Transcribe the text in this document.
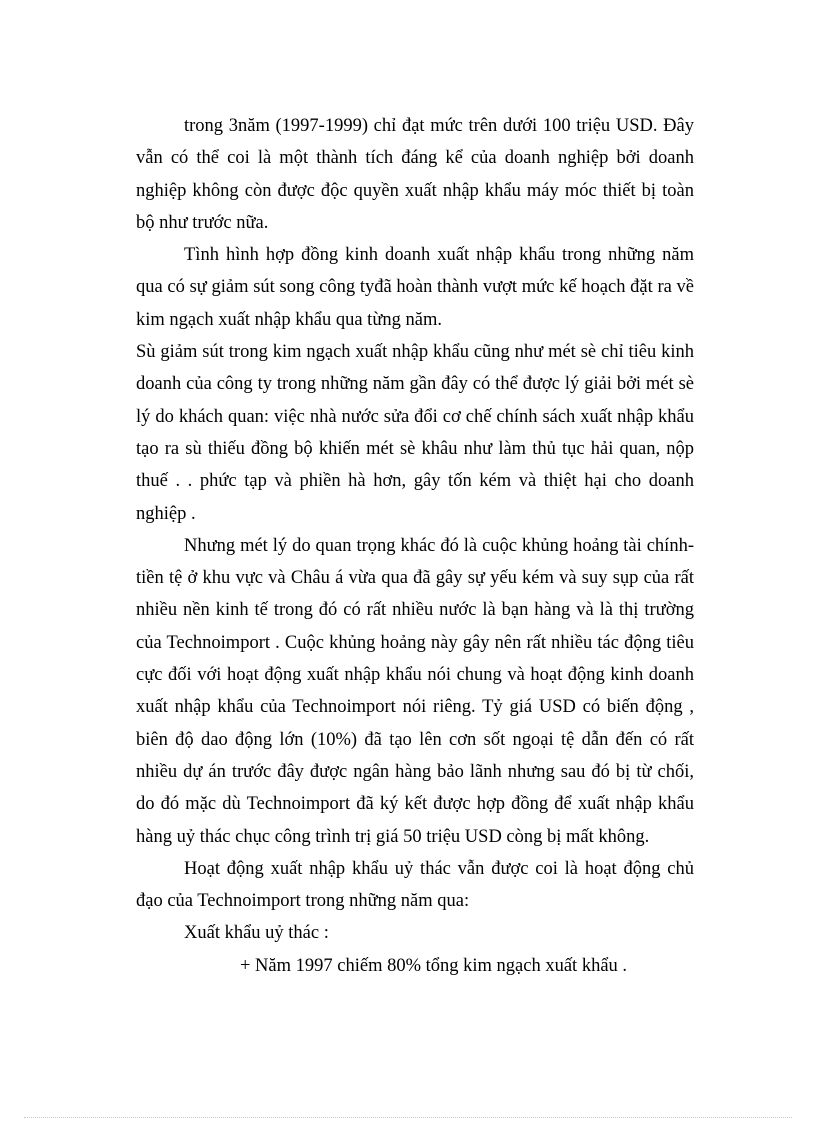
trong 3năm (1997-1999) chỉ đạt mức trên dưới 100 triệu USD. Đây vẫn có thể coi là một thành tích đáng kể của doanh nghiệp bởi doanh nghiệp không còn được độc quyền xuất nhập khẩu máy móc thiết bị toàn bộ như trước nữa.

Tình hình hợp đồng kinh doanh xuất nhập khẩu trong những năm qua có sự giảm sút song công tyđã hoàn thành vượt mức kế hoạch đặt ra về kim ngạch xuất nhập khẩu qua từng năm.

Sù giảm sút trong kim ngạch xuất nhập khẩu cũng như mét sè chỉ tiêu kinh doanh của công ty trong những năm gần đây có thể được lý giải bởi mét sè lý do khách quan: việc nhà nước sửa đổi cơ chế chính sách xuất nhập khẩu tạo ra sù thiếu đồng bộ khiến mét sè khâu như làm thủ tục hải quan, nộp thuế . . phức tạp và phiền hà hơn, gây tốn kém và thiệt hại cho doanh nghiệp .

Nhưng mét lý do quan trọng khác đó là cuộc khủng hoảng tài chính- tiền tệ ở khu vực và Châu á vừa qua đã gây sự yếu kém và suy sụp của rất nhiều nền kinh tế trong đó có rất nhiều nước là bạn hàng và là thị trường của Technoimport . Cuộc khủng hoảng này gây nên rất nhiều tác động tiêu cực đối với hoạt động xuất nhập khẩu nói chung và hoạt động kinh doanh xuất nhập khẩu của Technoimport nói riêng. Tỷ giá USD có biến động , biên độ dao động lớn (10%) đã tạo lên cơn sốt ngoại tệ dẫn đến có rất nhiều dự án trước đây được ngân hàng bảo lãnh nhưng sau đó bị từ chối, do đó mặc dù Technoimport đã ký kết được hợp đồng để xuất nhập khẩu hàng uỷ thác chục công trình trị giá 50 triệu USD còng bị mất không.

Hoạt động xuất nhập khẩu uỷ thác vẫn được coi là hoạt động chủ đạo của Technoimport trong những năm qua:

Xuất khẩu uỷ thác :

+ Năm 1997 chiếm 80% tổng kim ngạch xuất khẩu .
